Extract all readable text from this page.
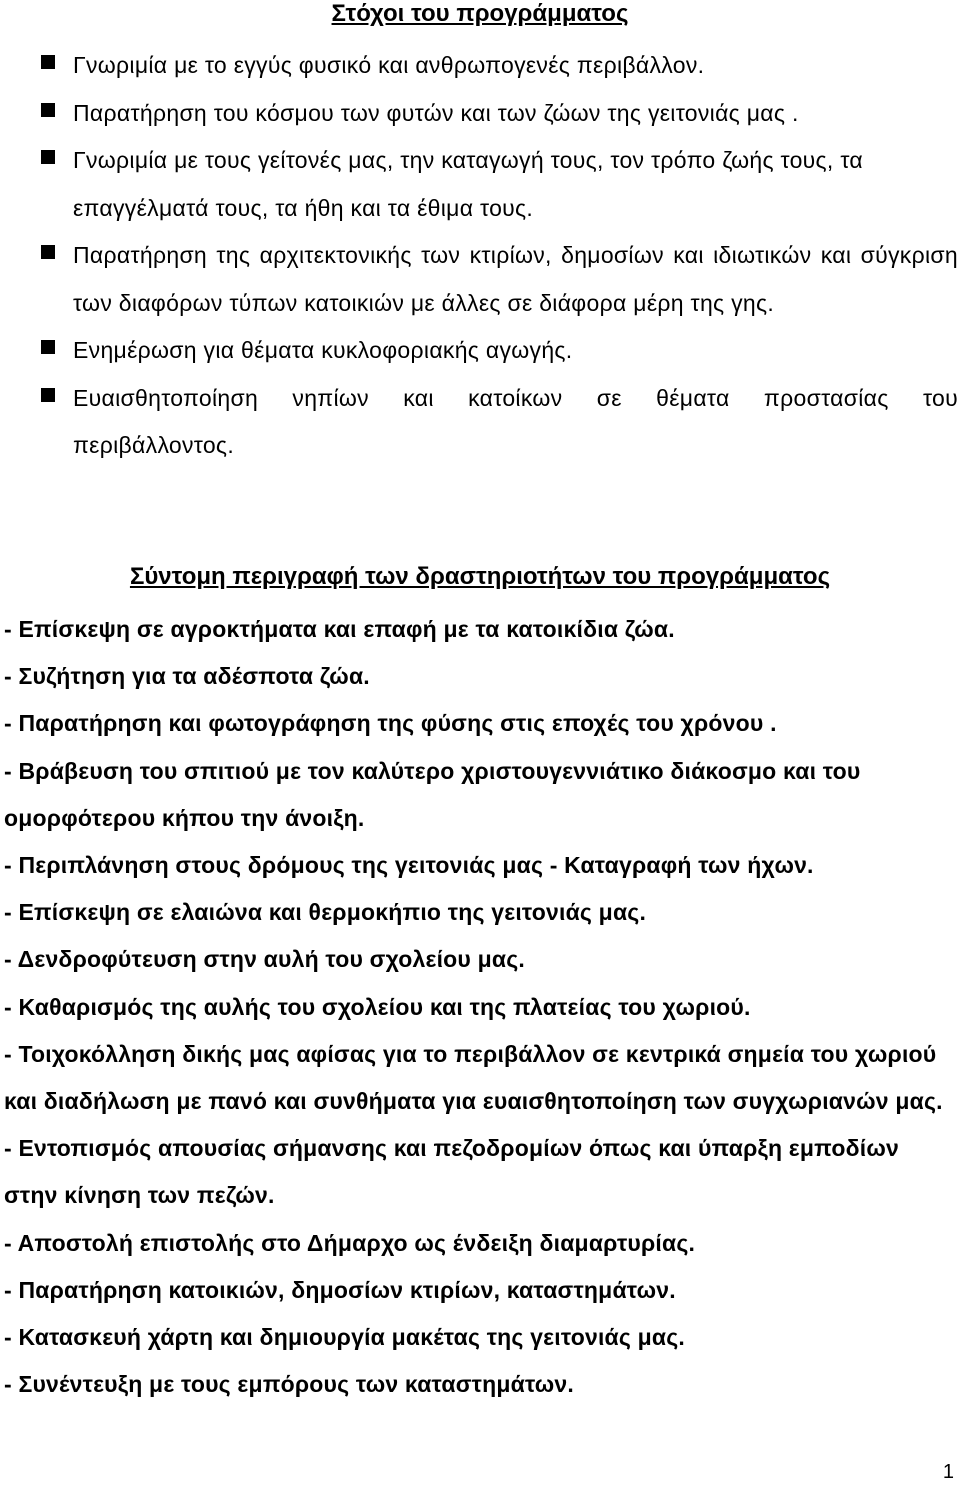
Στόχοι του προγράμματος
Γνωριμία με το εγγύς φυσικό και ανθρωπογενές περιβάλλον.
Παρατήρηση του κόσμου των φυτών και των ζώων της γειτονιάς μας .
Γνωριμία με τους γείτονές μας, την καταγωγή τους, τον τρόπο ζωής τους, τα επαγγέλματά τους, τα ήθη και τα έθιμα τους.
Παρατήρηση της αρχιτεκτονικής των κτιρίων, δημοσίων και ιδιωτικών και σύγκριση των διαφόρων τύπων κατοικιών με άλλες σε διάφορα μέρη της γης.
Ενημέρωση για θέματα κυκλοφοριακής αγωγής.
Ευαισθητοποίηση νηπίων και κατοίκων σε θέματα προστασίας του περιβάλλοντος.
Σύντομη περιγραφή των δραστηριοτήτων του προγράμματος
- Επίσκεψη σε αγροκτήματα και επαφή με τα κατοικίδια ζώα.
- Συζήτηση για τα αδέσποτα ζώα.
- Παρατήρηση και φωτογράφηση της φύσης στις εποχές του χρόνου .
- Βράβευση του σπιτιού με τον καλύτερο χριστουγεννιάτικο διάκοσμο και του ομορφότερου κήπου την άνοιξη.
- Περιπλάνηση στους δρόμους της γειτονιάς μας - Καταγραφή των ήχων.
- Επίσκεψη σε ελαιώνα και θερμοκήπιο της γειτονιάς μας.
- Δενδροφύτευση στην αυλή του σχολείου μας.
- Καθαρισμός της αυλής του σχολείου και της πλατείας του χωριού.
- Τοιχοκόλληση δικής μας αφίσας για το περιβάλλον σε κεντρικά σημεία του χωριού και διαδήλωση με πανό και συνθήματα για ευαισθητοποίηση των συγχωριανών μας.
- Εντοπισμός απουσίας σήμανσης και πεζοδρομίων όπως και ύπαρξη εμποδίων στην κίνηση των πεζών.
- Αποστολή επιστολής στο Δήμαρχο ως ένδειξη διαμαρτυρίας.
- Παρατήρηση κατοικιών, δημοσίων κτιρίων, καταστημάτων.
- Κατασκευή χάρτη και δημιουργία μακέτας της γειτονιάς μας.
- Συνέντευξη με τους εμπόρους των καταστημάτων.
1
